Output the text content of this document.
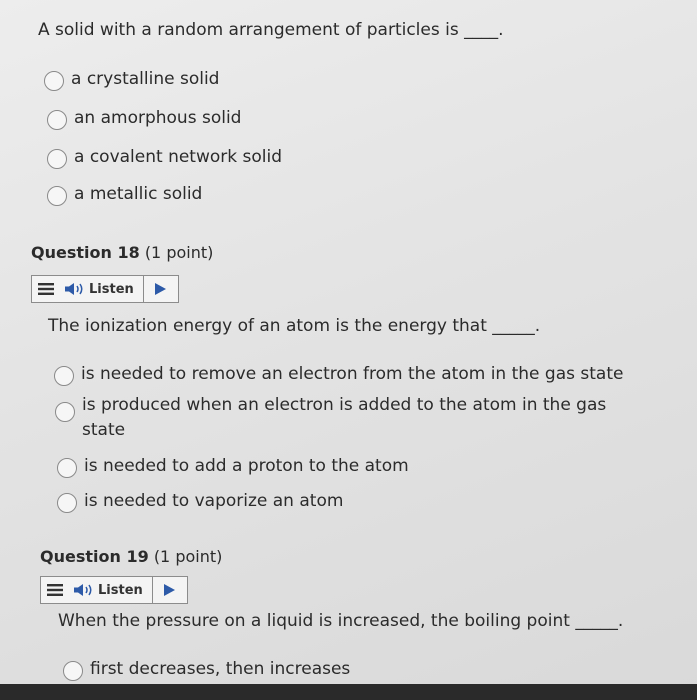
A solid with a random arrangement of particles is ____.
a crystalline solid
an amorphous solid
a covalent network solid
a metallic solid
Question 18 (1 point)
Listen
The ionization energy of an atom is the energy that _____.
is needed to remove an electron from the atom in the gas state
is produced when an electron is added to the atom in the gas state
is needed to add a proton to the atom
is needed to vaporize an atom
Question 19 (1 point)
Listen
When the pressure on a liquid is increased, the boiling point _____.
first decreases, then increases
